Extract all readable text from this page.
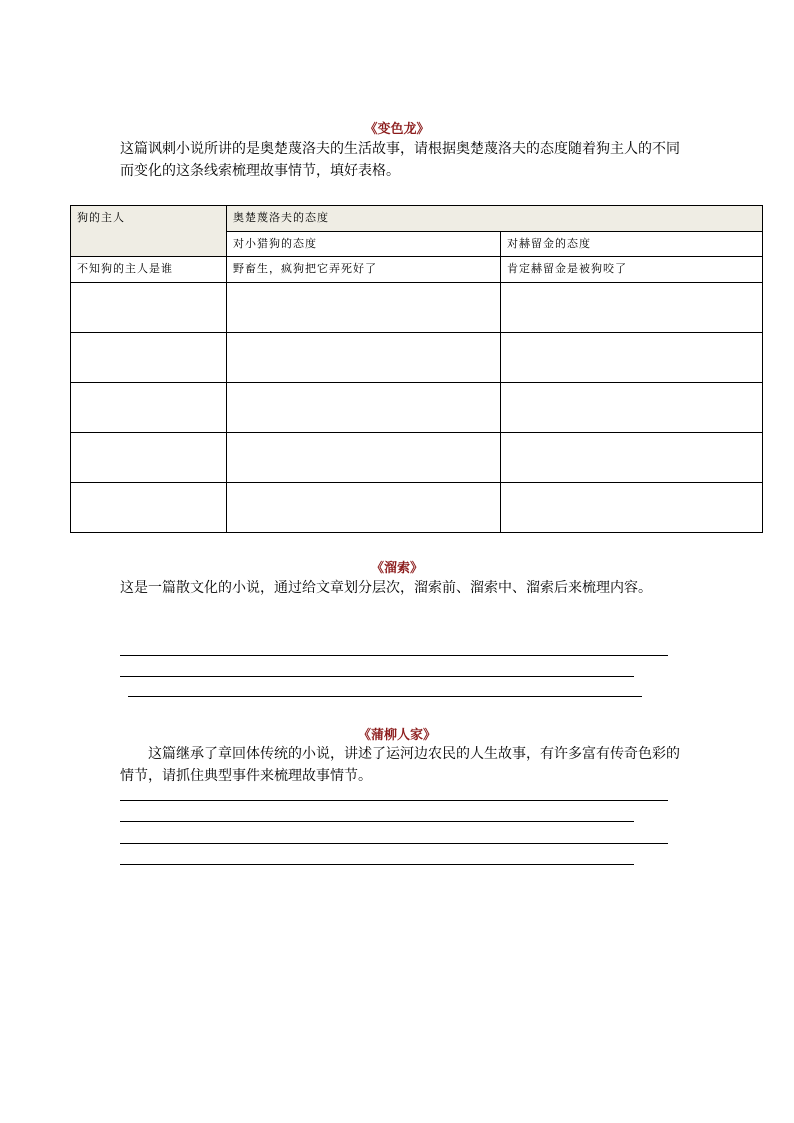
《变色龙》
这篇讽刺小说所讲的是奥楚蔑洛夫的生活故事，请根据奥楚蔑洛夫的态度随着狗主人的不同而变化的这条线索梳理故事情节，填好表格。
狗的主人	奥楚蔑洛夫的态度	
	对小猎狗的态度	对赫留金的态度
不知狗的主人是谁	野畜生，疯狗把它弄死好了	肯定赫留金是被狗咬了

《溜索》
这是一篇散文化的小说，通过给文章划分层次，溜索前、溜索中、溜索后来梳理内容。
《蒲柳人家》
这篇继承了章回体传统的小说，讲述了运河边农民的人生故事，有许多富有传奇色彩的情节，请抓住典型事件来梳理故事情节。
